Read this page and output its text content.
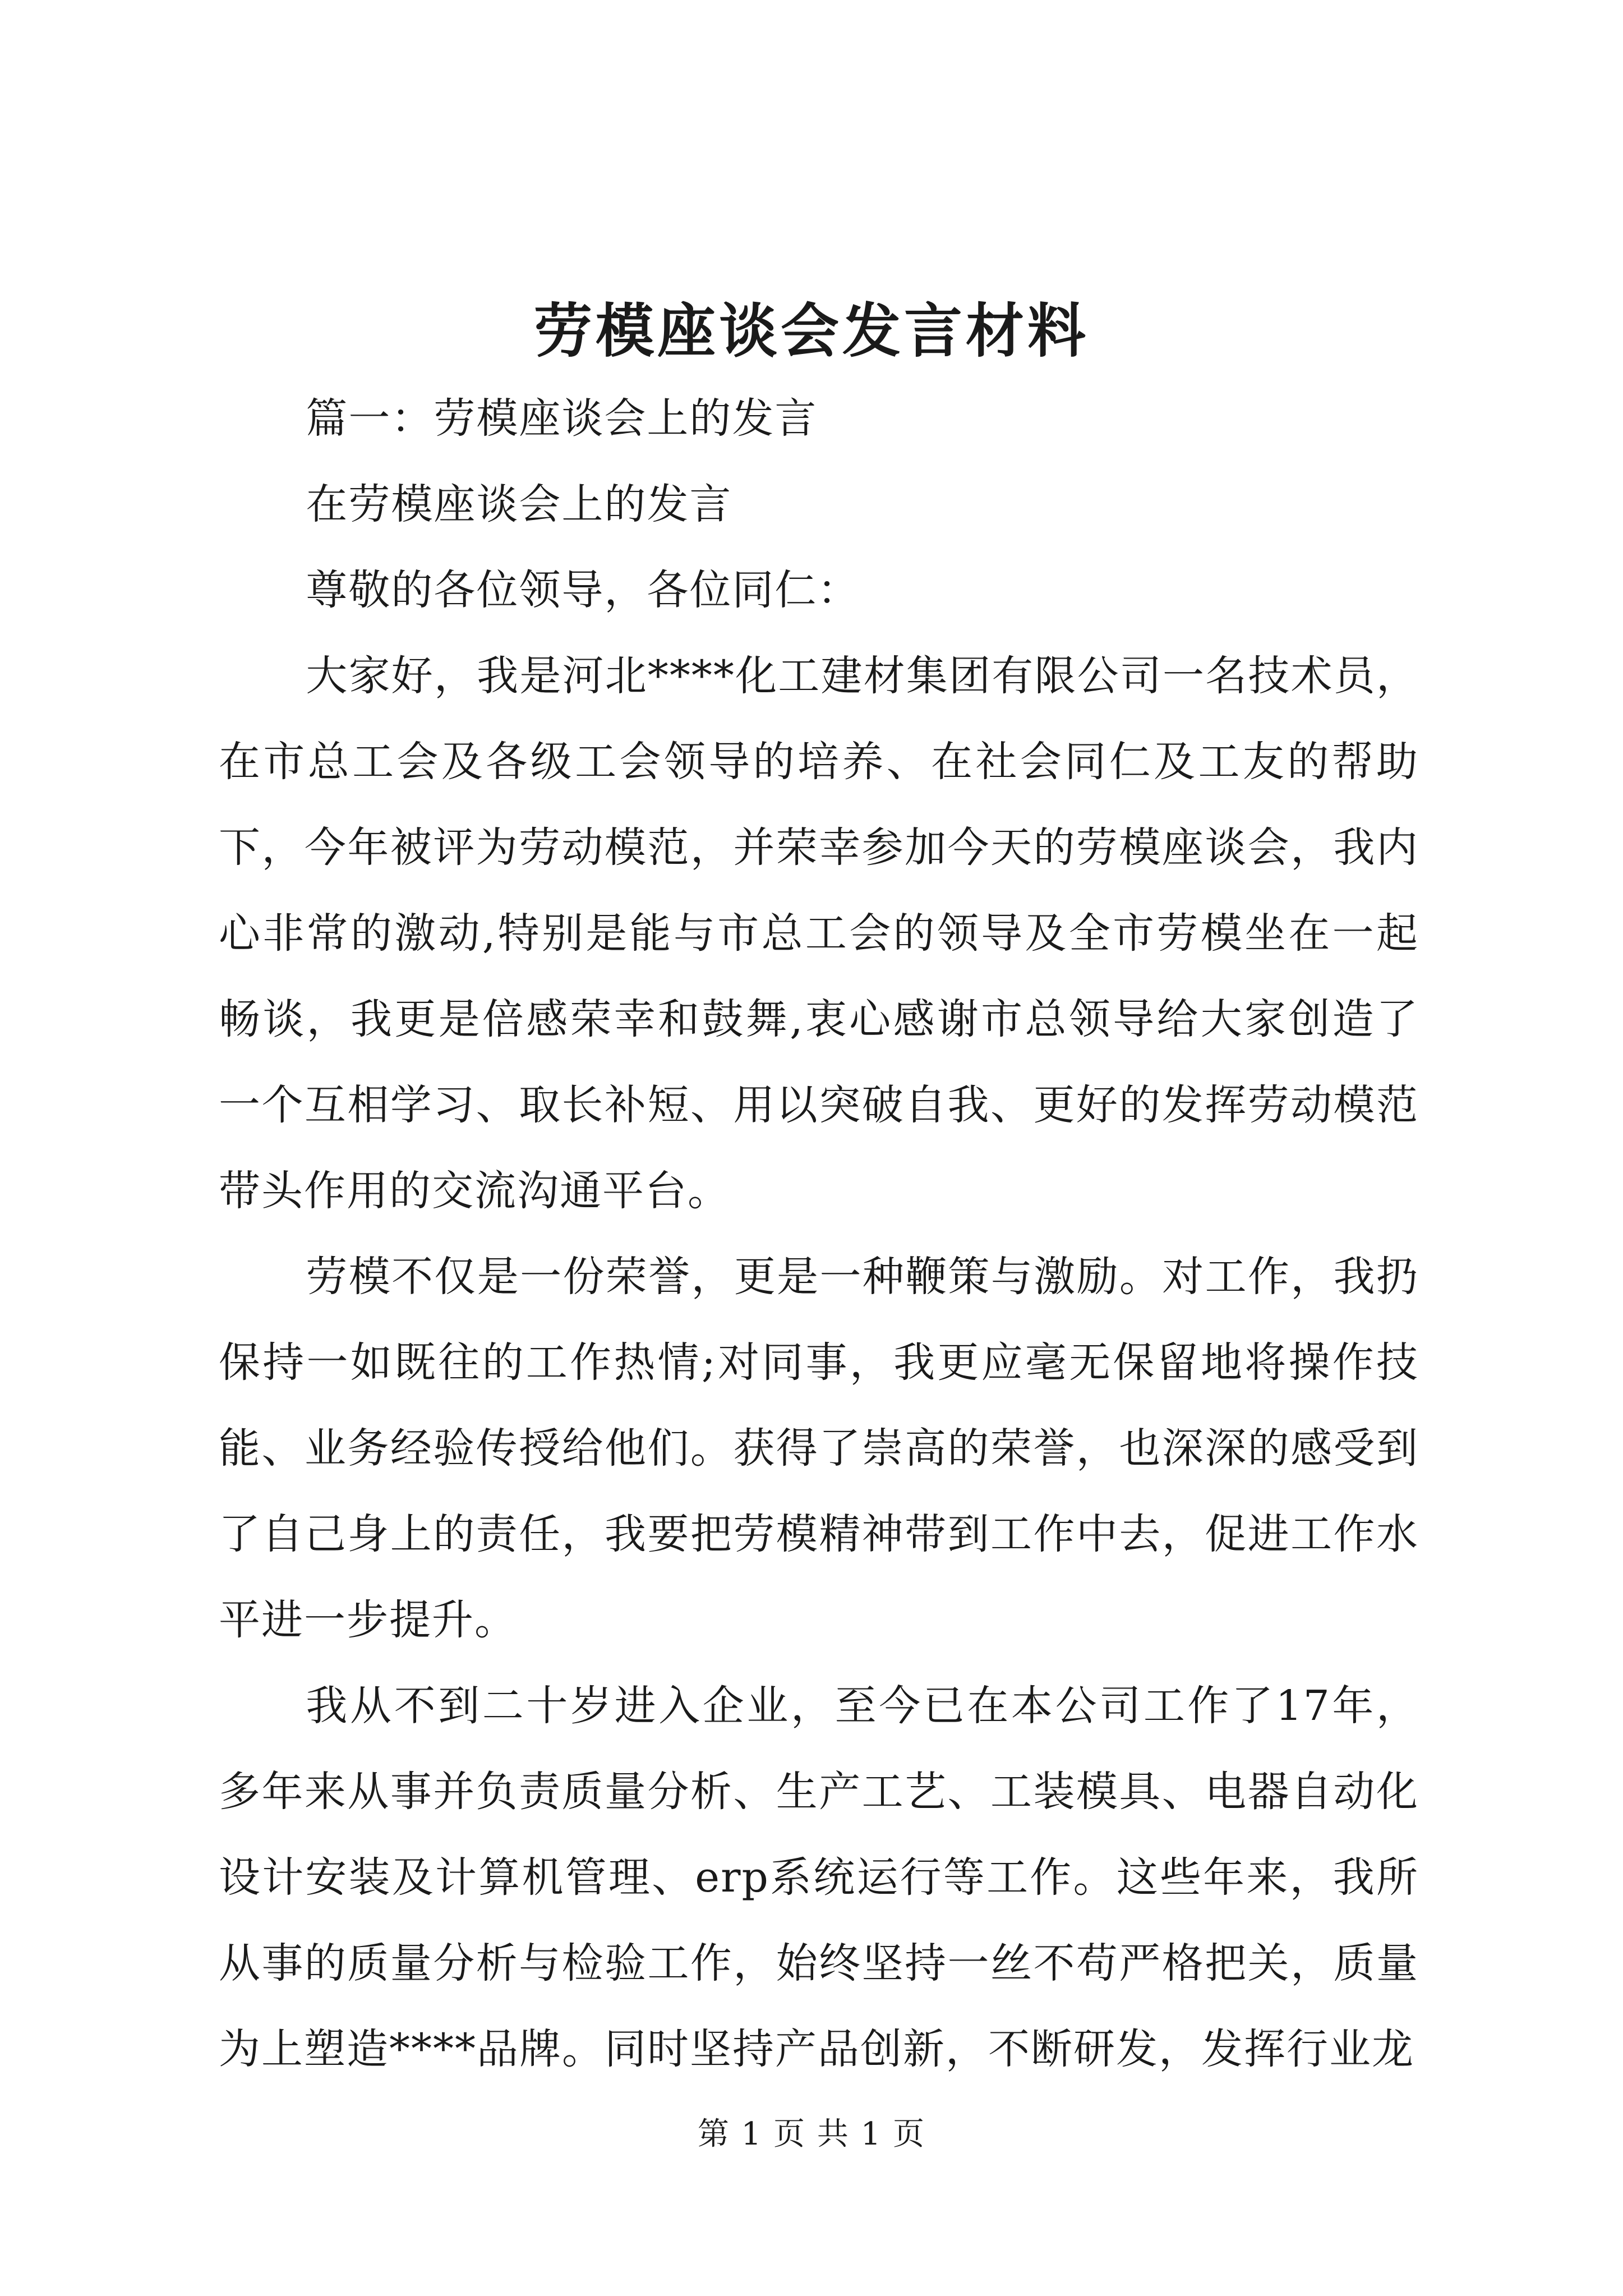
劳模座谈会发言材料

篇一：劳模座谈会上的发言

在劳模座谈会上的发言

尊敬的各位领导，各位同仁：

大家好，我是河北****化工建材集团有限公司一名技术员，在市总工会及各级工会领导的培养、在社会同仁及工友的帮助下，今年被评为劳动模范，并荣幸参加今天的劳模座谈会，我内心非常的激动,特别是能与市总工会的领导及全市劳模坐在一起畅谈，我更是倍感荣幸和鼓舞,衷心感谢市总领导给大家创造了一个互相学习、取长补短、用以突破自我、更好的发挥劳动模范带头作用的交流沟通平台。

劳模不仅是一份荣誉，更是一种鞭策与激励。对工作，我扔保持一如既往的工作热情;对同事，我更应毫无保留地将操作技能、业务经验传授给他们。获得了崇高的荣誉，也深深的感受到了自己身上的责任，我要把劳模精神带到工作中去，促进工作水平进一步提升。

我从不到二十岁进入企业，至今已在本公司工作了17年，多年来从事并负责质量分析、生产工艺、工装模具、电器自动化设计安装及计算机管理、erp系统运行等工作。这些年来，我所从事的质量分析与检验工作，始终坚持一丝不苟严格把关，质量为上塑造****品牌。同时坚持产品创新，不断研发，发挥行业龙

第 1 页 共 1 页
